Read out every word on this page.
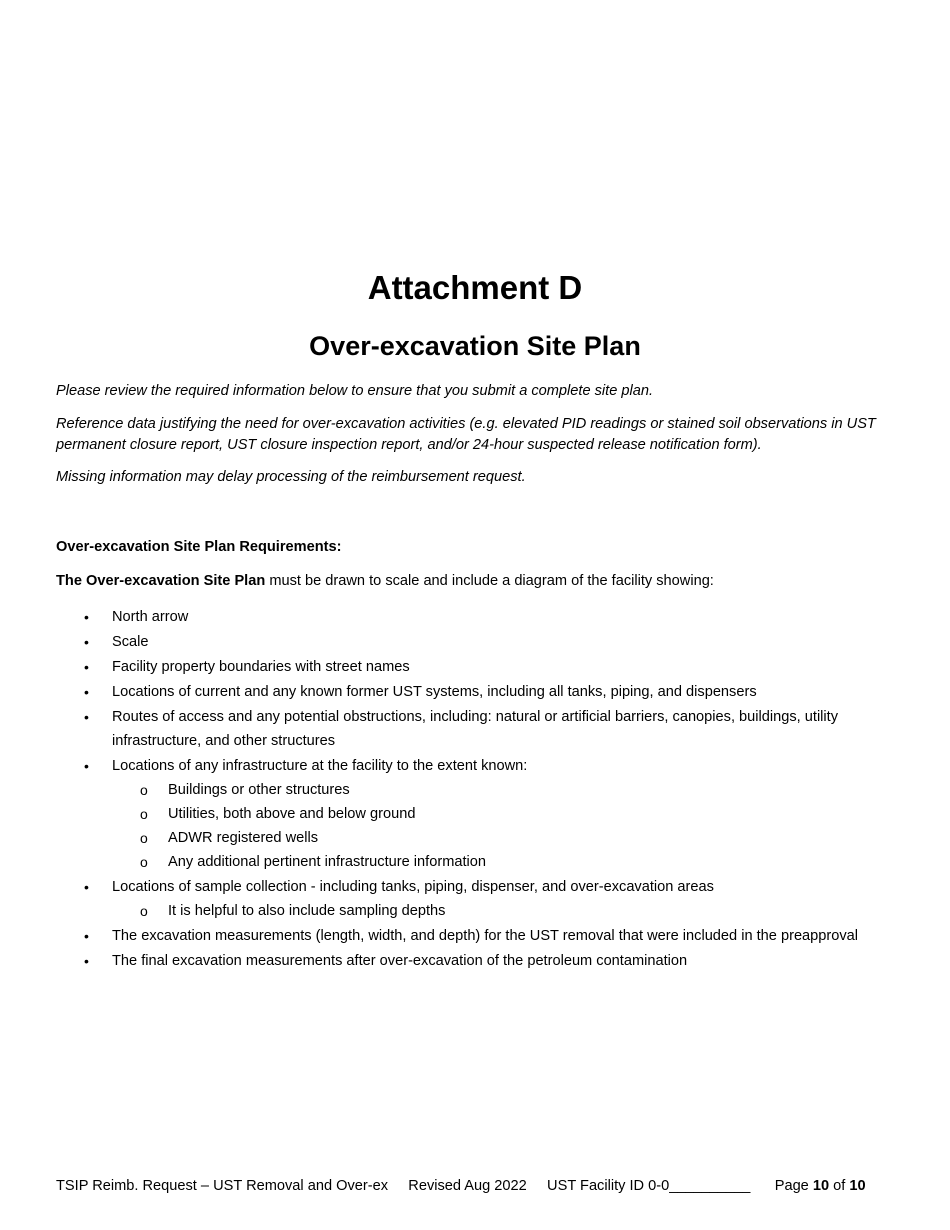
Attachment D
Over-excavation Site Plan

Please review the required information below to ensure that you submit a complete site plan.

Reference data justifying the need for over-excavation activities (e.g. elevated PID readings or stained soil observations in UST permanent closure report, UST closure inspection report, and/or 24-hour suspected release notification form).

Missing information may delay processing of the reimbursement request.

Over-excavation Site Plan Requirements:

The Over-excavation Site Plan must be drawn to scale and include a diagram of the facility showing:

• North arrow
• Scale
• Facility property boundaries with street names
• Locations of current and any known former UST systems, including all tanks, piping, and dispensers
• Routes of access and any potential obstructions, including: natural or artificial barriers, canopies, buildings, utility infrastructure, and other structures
• Locations of any infrastructure at the facility to the extent known:
o Buildings or other structures
o Utilities, both above and below ground
o ADWR registered wells
o Any additional pertinent infrastructure information
• Locations of sample collection - including tanks, piping, dispenser, and over-excavation areas
o It is helpful to also include sampling depths
• The excavation measurements (length, width, and depth) for the UST removal that were included in the preapproval
• The final excavation measurements after over-excavation of the petroleum contamination

TSIP Reimb. Request – UST Removal and Over-ex Revised Aug 2022 UST Facility ID 0-0__________ Page 10 of 10
